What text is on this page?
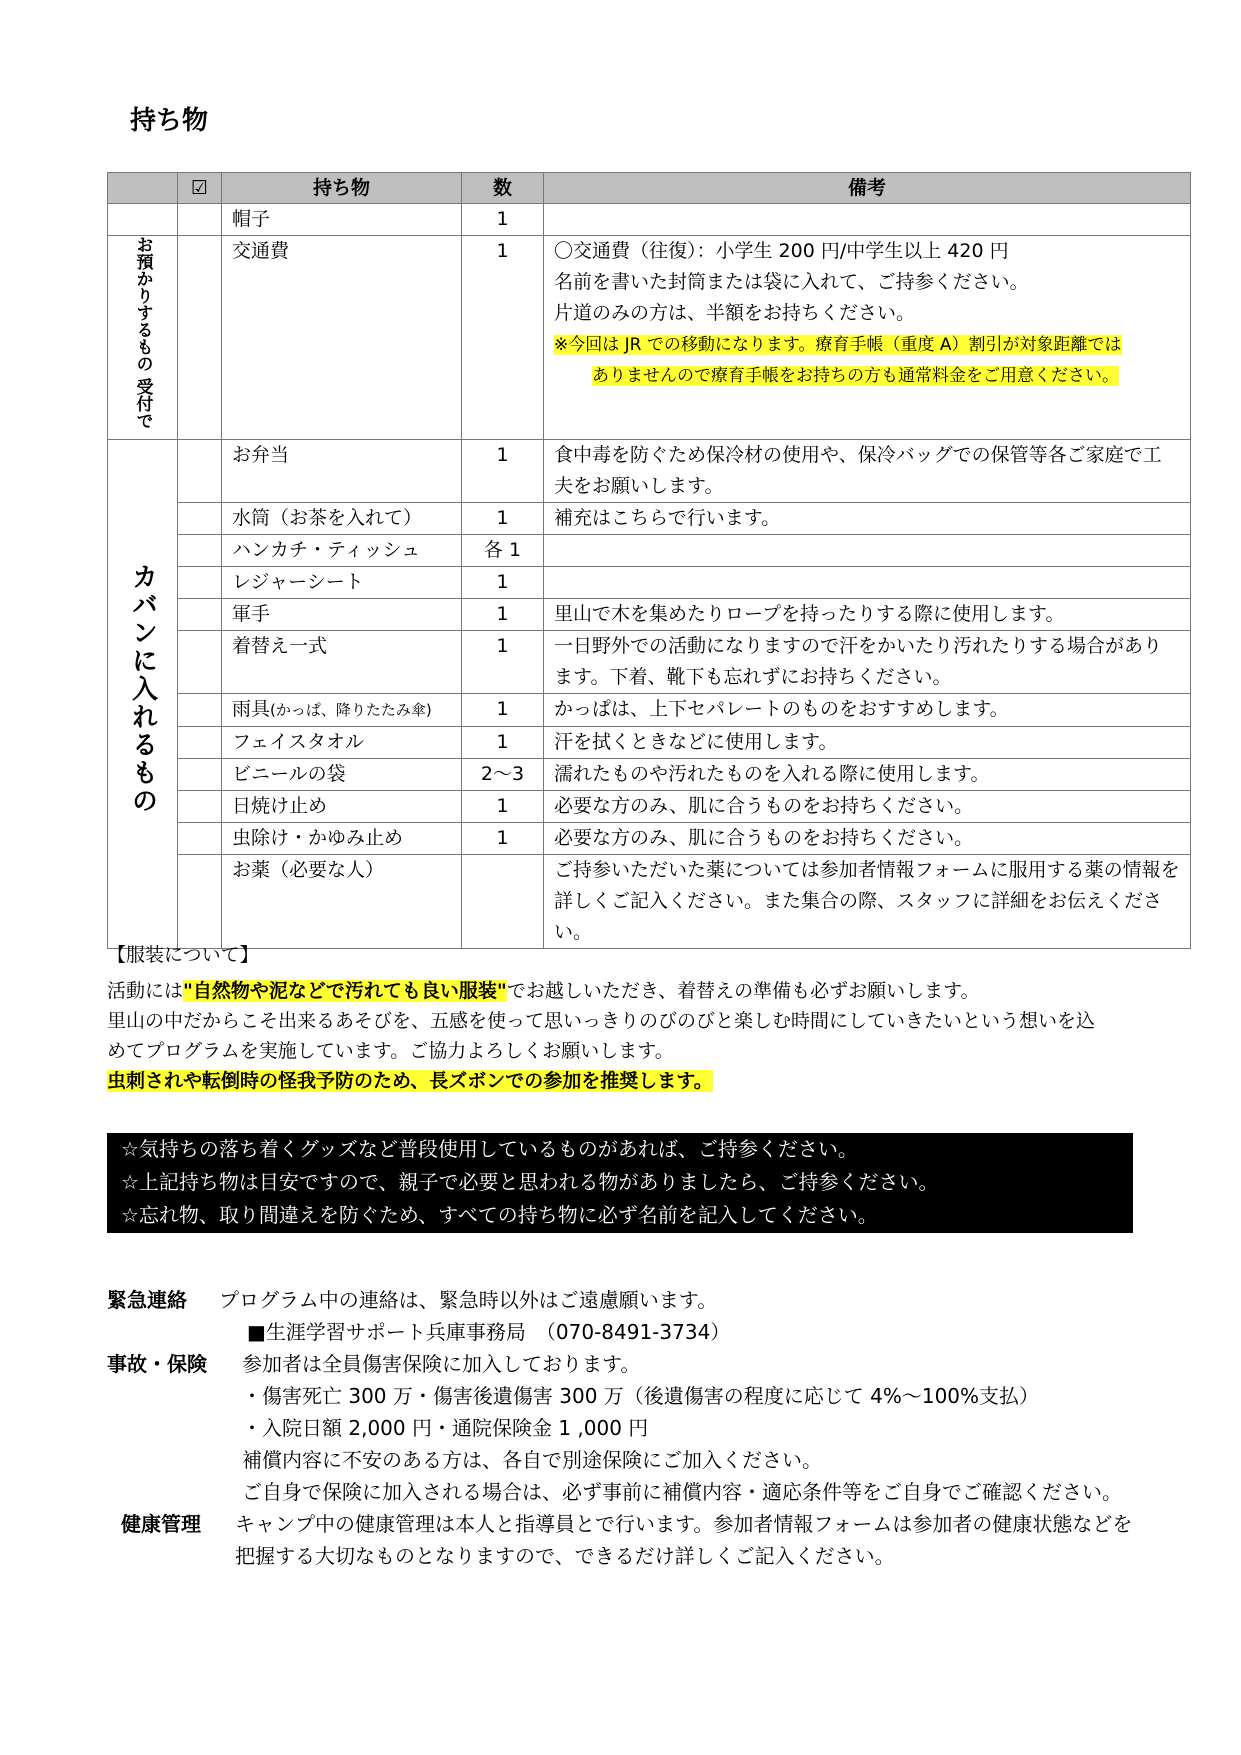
持ち物
	☑	持ち物	数	備考
		帽子	1	
お預かりするもの 受付で		交通費	1	〇交通費（往復）：小学生 200 円/中学生以上 420 円
名前を書いた封筒または袋に入れて、ご持参ください。
片道のみの方は、半額をお持ちください。
※今回は JR での移動になります。療育手帳（重度 A）割引が対象距離では
ありませんので療育手帳をお持ちの方も通常料金をご用意ください。

カバンに入れるもの		お弁当	1	食中毒を防ぐため保冷材の使用や、保冷バッグでの保管等各ご家庭で工夫をお願いします。
		水筒（お茶を入れて）	1	補充はこちらで行います。
		ハンカチ・ティッシュ	各 1	
		レジャーシート	1	
		軍手	1	里山で木を集めたりロープを持ったりする際に使用します。
		着替え一式	1	一日野外での活動になりますので汗をかいたり汚れたりする場合があります。下着、靴下も忘れずにお持ちください。
		雨具(かっぱ、降りたたみ傘)	1	かっぱは、上下セパレートのものをおすすめします。
		フェイスタオル	1	汗を拭くときなどに使用します。
		ビニールの袋	2～3	濡れたものや汚れたものを入れる際に使用します。
		日焼け止め	1	必要な方のみ、肌に合うものをお持ちください。
		虫除け・かゆみ止め	1	必要な方のみ、肌に合うものをお持ちください。
		お薬（必要な人）		ご持参いただいた薬については参加者情報フォームに服用する薬の情報を詳しくご記入ください。また集合の際、スタッフに詳細をお伝えください。

【服装について】

活動には"自然物や泥などで汚れても良い服装"でお越しいただき、着替えの準備も必ずお願いします。

里山の中だからこそ出来るあそびを、五感を使って思いっきりのびのびと楽しむ時間にしていきたいという想いを込めてプログラムを実施しています。ご協力よろしくお願いします。

虫刺されや転倒時の怪我予防のため、長ズボンでの参加を推奨します。

☆気持ちの落ち着くグッズなど普段使用しているものがあれば、ご持参ください。
☆上記持ち物は目安ですので、親子で必要と思われる物がありましたら、ご持参ください。
☆忘れ物、取り間違えを防ぐため、すべての持ち物に必ず名前を記入してください。
緊急連絡	プログラム中の連絡は、緊急時以外はご遠慮願います。
■生涯学習サポート兵庫事務局　（070-8491-3734）
事故・保険	参加者は全員傷害保険に加入しております。
・傷害死亡 300 万・傷害後遺傷害 300 万（後遺傷害の程度に応じて 4%～100%支払）
・入院日額 2,000 円・通院保険金 1 ,000 円
補償内容に不安のある方は、各自で別途保険にご加入ください。
ご自身で保険に加入される場合は、必ず事前に補償内容・適応条件等をご自身でご確認ください。
健康管理	キャンプ中の健康管理は本人と指導員とで行います。参加者情報フォームは参加者の健康状態などを把握する大切なものとなりますので、できるだけ詳しくご記入ください。
